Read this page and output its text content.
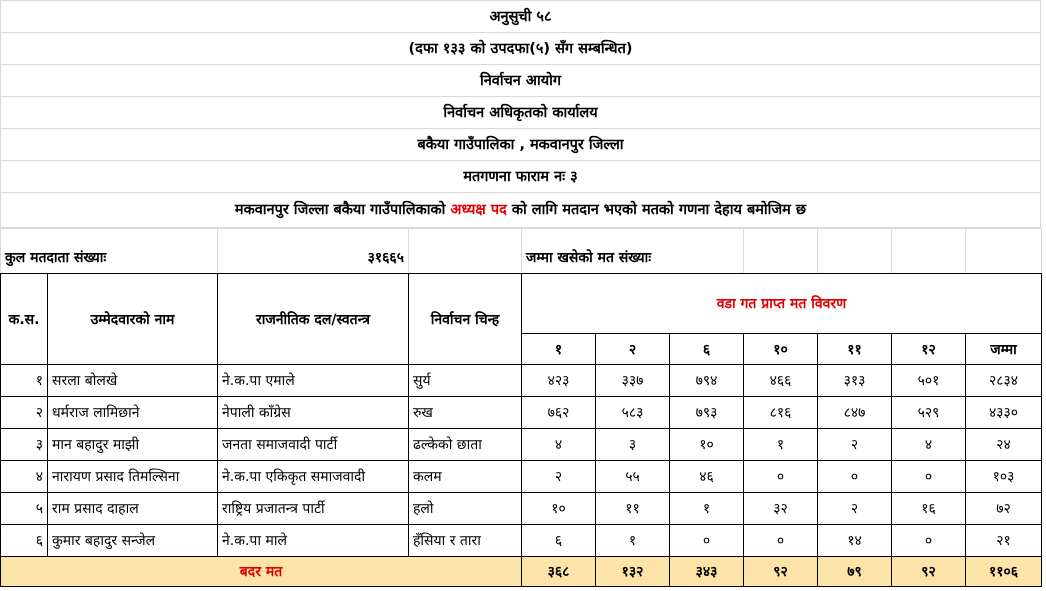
अनुसुची ५८
(दफा १३३ को उपदफा(५) सँग सम्बन्धित)
निर्वाचन आयोग
निर्वाचन अधिकृतको कार्यालय
बकैया गाउँपालिका , मकवानपुर जिल्ला
मतगणना फाराम नः ३
मकवानपुर जिल्ला बकैया गाउँपालिकाको अध्यक्ष पद को लागि मतदान भएको मतको गणना देहाय बमोजिम छ
कुल मतदाता संख्याः		३१६६५		जम्मा खसेको मत संख्याः						
क.स.	उम्मेदवारको नाम	राजनीतिक दल/स्वतन्त्र	निर्वाचन चिन्ह	वडा गत प्राप्त मत विवरण						
				१	२	६	१०	११	१२	जम्मा
१	सरला बोलखे	ने.क.पा एमाले	सुर्य	४२३	३३७	७९४	४६६	३१३	५०१	२८३४
२	धर्मराज लामिछाने	नेपाली काँग्रेस	रुख	७६२	५८३	७९३	८१६	८४७	५२९	४३३०
३	मान बहादुर माझी	जनता समाजवादी पार्टी	ढल्केको छाता	४	३	१०	१	२	४	२४
४	नारायण प्रसाद तिमल्सिना	ने.क.पा एकिकृत समाजवादी	कलम	२	५५	४६	०	०	०	१०३
५	राम प्रसाद दाहाल	राष्ट्रिय प्रजातन्त्र पार्टी	हलो	१०	११	१	३२	२	१६	७२
६	कुमार बहादुर सन्जेल	ने.क.पा माले	हँसिया र तारा	६	१	०	०	१४	०	२१
बदर मत				३६८	१३२	३४३	९२	७९	९२	११०६
